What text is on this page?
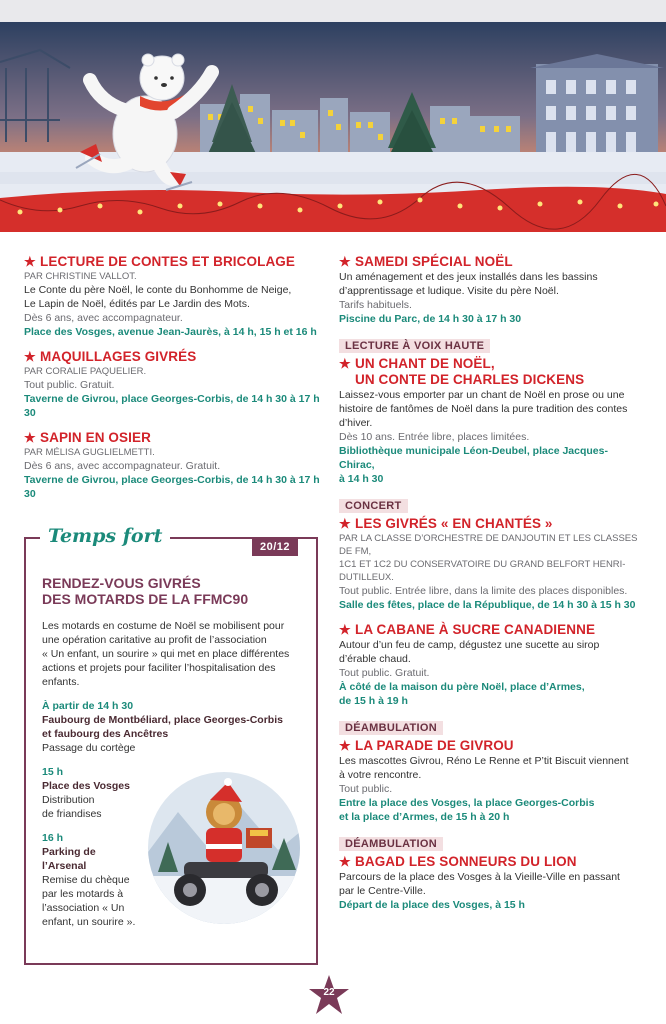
★ LECTURE DE CONTES ET BRICOLAGE
PAR CHRISTINE VALLOT.
Le Conte du père Noël, le conte du Bonhomme de Neige,
Le Lapin de Noël, édités par Le Jardin des Mots.
Dès 6 ans, avec accompagnateur.
Place des Vosges, avenue Jean-Jaurès, à 14 h, 15 h et 16 h
★ MAQUILLAGES GIVRÉS
PAR CORALIE PAQUELIER.
Tout public. Gratuit.
Taverne de Givrou, place Georges-Corbis, de 14 h 30 à 17 h 30
★ SAPIN EN OSIER
PAR MÉLISA GUGLIELMETTI.
Dès 6 ans, avec accompagnateur. Gratuit.
Taverne de Givrou, place Georges-Corbis, de 14 h 30 à 17 h 30
Temps fort	20/12
RENDEZ-VOUS GIVRÉS
DES MOTARDS DE LA FFMC90
Les motards en costume de Noël se mobilisent pour
une opération caritative au profit de l’association
« Un enfant, un sourire » qui met en place différentes
actions et projets pour faciliter l’hospitalisation des
enfants.
À partir de 14 h 30
Faubourg de Montbéliard, place Georges-Corbis
et faubourg des Ancêtres
Passage du cortège
15 h
Place des Vosges
Distribution
de friandises
16 h
Parking de
l’Arsenal
Remise du chèque
par les motards à
l’association « Un
enfant, un sourire ».
★ SAMEDI SPÉCIAL NOËL
Un aménagement et des jeux installés dans les bassins
d’apprentissage et ludique. Visite du père Noël.
Tarifs habituels.
Piscine du Parc, de 14 h 30 à 17 h 30
LECTURE À VOIX HAUTE
★ UN CHANT DE NOËL,
UN CONTE DE CHARLES DICKENS
Laissez-vous emporter par un chant de Noël en prose ou une
histoire de fantômes de Noël dans la pure tradition des contes
d’hiver.
Dès 10 ans. Entrée libre, places limitées.
Bibliothèque municipale Léon-Deubel, place Jacques-Chirac,
à 14 h 30
CONCERT
★ LES GIVRÉS « EN CHANTÉS »
PAR LA CLASSE D’ORCHESTRE DE DANJOUTIN ET LES CLASSES DE FM,
1C1 ET 1C2 DU CONSERVATOIRE DU GRAND BELFORT HENRI-DUTILLEUX.
Tout public. Entrée libre, dans la limite des places disponibles.
Salle des fêtes, place de la République, de 14 h 30 à 15 h 30
★ LA CABANE À SUCRE CANADIENNE
Autour d’un feu de camp, dégustez une sucette au sirop
d’érable chaud.
Tout public. Gratuit.
À côté de la maison du père Noël, place d’Armes,
de 15 h à 19 h
DÉAMBULATION
★ LA PARADE DE GIVROU
Les mascottes Givrou, Réno Le Renne et P’tit Biscuit viennent
à votre rencontre.
Tout public.
Entre la place des Vosges, la place Georges-Corbis
et la place d’Armes, de 15 h à 20 h
DÉAMBULATION
★ BAGAD LES SONNEURS DU LION
Parcours de la place des Vosges à la Vieille-Ville en passant
par le Centre-Ville.
Départ de la place des Vosges, à 15 h
22
